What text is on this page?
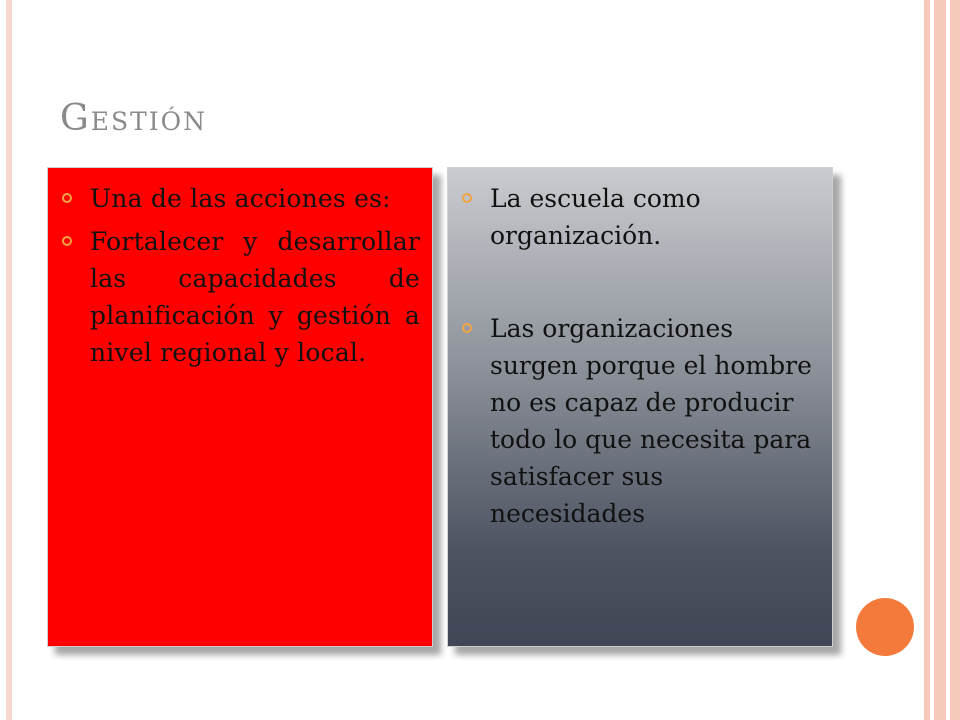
Gestión
Una de las acciones es:
Fortalecer y desarrollar las capacidades de planificación y gestión a nivel regional y local.
La escuela como organización.
Las organizaciones surgen porque el hombre no es capaz de producir todo lo que necesita para satisfacer sus necesidades
